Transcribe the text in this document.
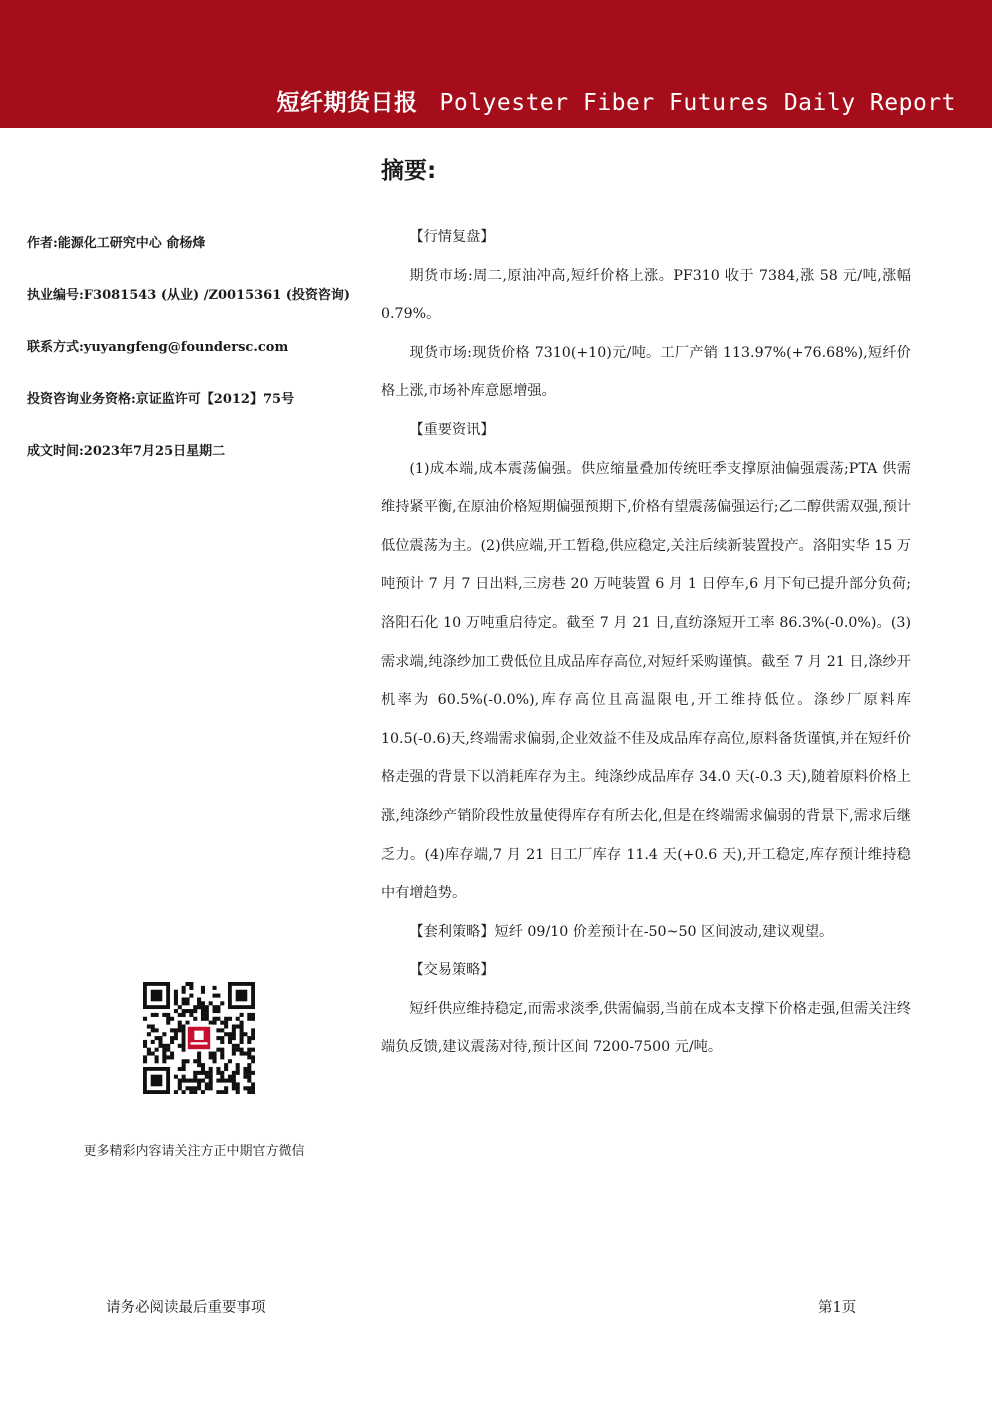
短纤期货日报 Polyester Fiber Futures Daily Report
摘要:
作者:能源化工研究中心 俞杨烽
执业编号:F3081543 (从业) /Z0015361 (投资咨询)
联系方式:yuyangfeng@foundersc.com
投资咨询业务资格:京证监许可【2012】75号
成文时间:2023年7月25日星期二

【行情复盘】

期货市场:周二,原油冲高,短纤价格上涨。PF310 收于 7384,涨 58 元/吨,涨幅 0.79%。

现货市场:现货价格 7310(+10)元/吨。工厂产销 113.97%(+76.68%),短纤价格上涨,市场补库意愿增强。

【重要资讯】

(1)成本端,成本震荡偏强。供应缩量叠加传统旺季支撑原油偏强震荡;PTA 供需维持紧平衡,在原油价格短期偏强预期下,价格有望震荡偏强运行;乙二醇供需双强,预计低位震荡为主。(2)供应端,开工暂稳,供应稳定,关注后续新装置投产。洛阳实华 15 万吨预计 7 月 7 日出料,三房巷 20 万吨装置 6 月 1 日停车,6 月下旬已提升部分负荷;洛阳石化 10 万吨重启待定。截至 7 月 21 日,直纺涤短开工率 86.3%(-0.0%)。(3)需求端,纯涤纱加工费低位且成品库存高位,对短纤采购谨慎。截至 7 月 21 日,涤纱开机率为 60.5%(-0.0%),库存高位且高温限电,开工维持低位。涤纱厂原料库 10.5(-0.6)天,终端需求偏弱,企业效益不佳及成品库存高位,原料备货谨慎,并在短纤价格走强的背景下以消耗库存为主。纯涤纱成品库存 34.0 天(-0.3 天),随着原料价格上涨,纯涤纱产销阶段性放量使得库存有所去化,但是在终端需求偏弱的背景下,需求后继乏力。(4)库存端,7 月 21 日工厂库存 11.4 天(+0.6 天),开工稳定,库存预计维持稳中有增趋势。

【套利策略】短纤 09/10 价差预计在-50~50 区间波动,建议观望。

【交易策略】

短纤供应维持稳定,而需求淡季,供需偏弱,当前在成本支撑下价格走强,但需关注终端负反馈,建议震荡对待,预计区间 7200-7500 元/吨。

更多精彩内容请关注方正中期官方微信
请务必阅读最后重要事项	第1页
